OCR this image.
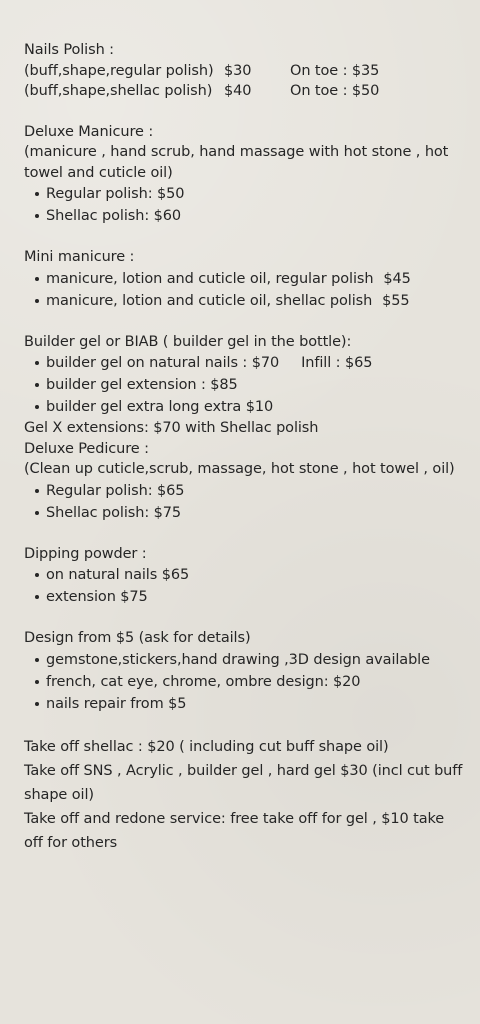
Nails Polish :
(buff,shape,regular polish) $30	On toe : $35
(buff,shape,shellac polish) $40	On toe : $50
Deluxe Manicure :
(manicure , hand scrub, hand massage with hot stone , hot towel and cuticle oil)
Regular polish: $50
Shellac polish: $60
Mini manicure :
manicure, lotion and cuticle oil, regular polish $45
manicure, lotion and cuticle oil, shellac polish $55
Builder gel or BIAB ( builder gel in the bottle):
builder gel on natural nails : $70 Infill : $65
builder gel extension : $85
builder gel extra long extra $10
Gel X extensions: $70 with Shellac polish
Deluxe Pedicure :
(Clean up cuticle,scrub, massage, hot stone , hot towel , oil)
Regular polish: $65
Shellac polish: $75
Dipping powder :
on natural nails $65
extension $75
Design from $5 (ask for details)
gemstone,stickers,hand drawing ,3D design available
french, cat eye, chrome, ombre design: $20
nails repair from $5
Take off shellac : $20 ( including cut buff shape oil)
Take off SNS , Acrylic , builder gel , hard gel $30 (incl cut buff shape oil)
Take off and redone service: free take off for gel , $10 take off for others
